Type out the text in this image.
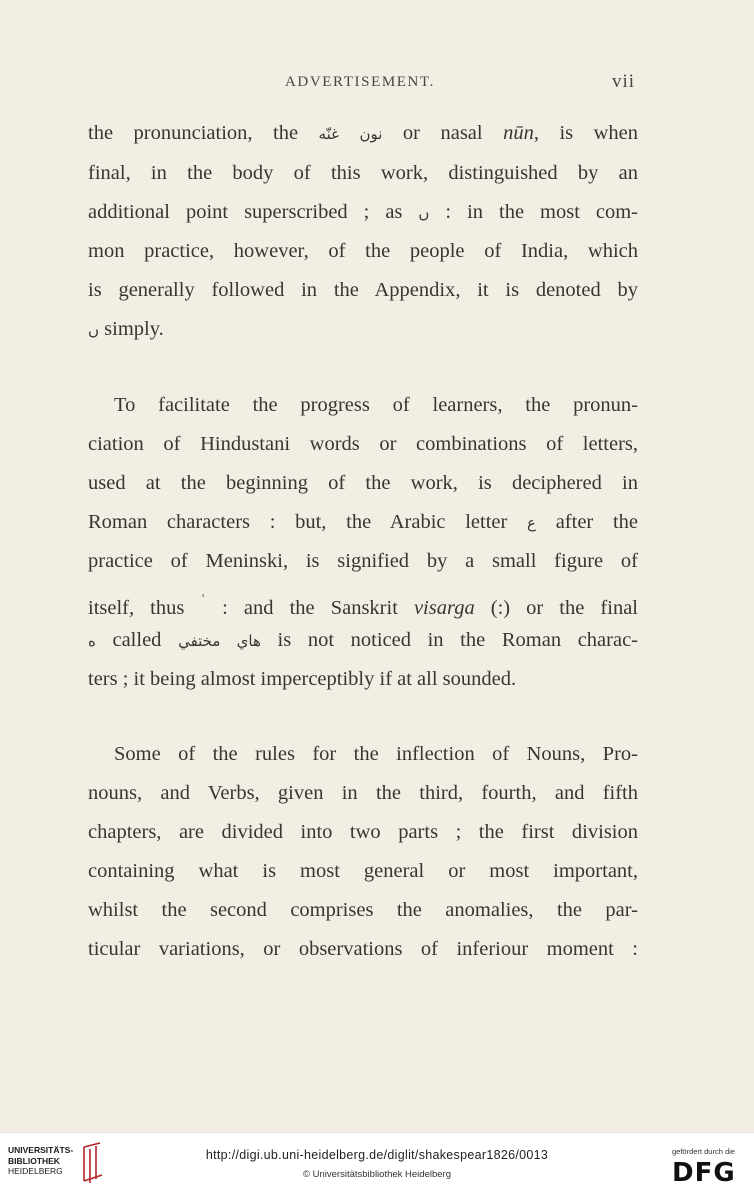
ADVERTISEMENT.	vii
the pronunciation, the غنّه نون or nasal nūn, is when
final, in the body of this work, distinguished by an
additional point superscribed ; as ں : in the most com-
mon practice, however, of the people of India, which
is generally followed in the Appendix, it is denoted by
ں simply.
To facilitate the progress of learners, the pronun-
ciation of Hindustani words or combinations of letters,
used at the beginning of the work, is deciphered in
Roman characters : but, the Arabic letter ع after the
practice of Meninski, is signified by a small figure of
itself, thus $^ʿ$ : and the Sanskrit visarga (:) or the final
ه called هاي مختفي is not noticed in the Roman charac-
ters ; it being almost imperceptibly if at all sounded.
Some of the rules for the inflection of Nouns, Pro-
nouns, and Verbs, given in the third, fourth, and fifth
chapters, are divided into two parts ; the first division
containing what is most general or most important,
whilst the second comprises the anomalies, the par-
ticular variations, or observations of inferiour moment :
UNIVERSITÄTS-
BIBLIOTHEK
HEIDELBERG
http://digi.ub.uni-heidelberg.de/diglit/shakespear1826/0013
© Universitätsbibliothek Heidelberg
gefördert durch die
DFG
